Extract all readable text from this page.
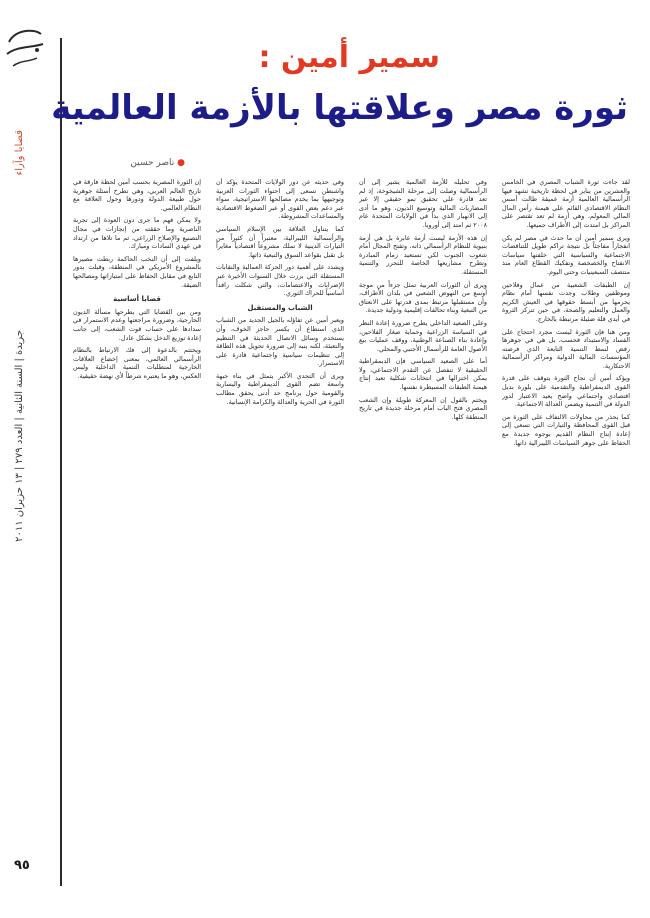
قضايا وآراء
جريدة | السنة الثانية | العدد ٢٧٩ | ١٣ حزيران ٢٠١١
٩٥
سمير أمين :
ثورة مصر وعلاقتها بالأزمة العالمية
● ناصر حسين

لقد جاءت ثورة الشباب المصري في الخامس والعشرين من يناير في لحظة تاريخية تشهد فيها الرأسمالية العالمية أزمة عميقة طالت أسس النظام الاقتصادي القائم على هيمنة رأس المال المالي المعولم، وهي أزمة لم تعد تقتصر على المراكز بل امتدت إلى الأطراف جميعها.

ويرى سمير أمين أن ما حدث في مصر لم يكن انفجاراً مفاجئاً بل نتيجة تراكم طويل للتناقضات الاجتماعية والسياسية التي خلفتها سياسات الانفتاح والخصخصة وتفكيك القطاع العام منذ منتصف السبعينيات وحتى اليوم.

إن الطبقات الشعبية من عمال وفلاحين وموظفين وطلاب وجدت نفسها أمام نظام يحرمها من أبسط حقوقها في العيش الكريم والعمل والتعليم والصحة، في حين تتركز الثروة في أيدي قلة ضئيلة مرتبطة بالخارج.

ومن هنا فإن الثورة ليست مجرد احتجاج على الفساد والاستبداد فحسب، بل هي في جوهرها رفض لنمط التنمية التابعة الذي فرضته المؤسسات المالية الدولية ومراكز الرأسمالية الاحتكارية.

ويؤكد أمين أن نجاح الثورة يتوقف على قدرة القوى الديمقراطية والتقدمية على بلورة بديل اقتصادي واجتماعي واضح يعيد الاعتبار لدور الدولة في التنمية ويضمن العدالة الاجتماعية.

كما يحذر من محاولات الالتفاف على الثورة من قبل القوى المحافظة والتيارات التي تسعى إلى إعادة إنتاج النظام القديم بوجوه جديدة مع الحفاظ على جوهر السياسات الليبرالية ذاتها.

وفي تحليله للأزمة العالمية يشير إلى أن الرأسمالية وصلت إلى مرحلة الشيخوخة، إذ لم تعد قادرة على تحقيق نمو حقيقي إلا عبر المضاربات المالية وتوسيع الديون، وهو ما أدى إلى الانهيار الذي بدأ في الولايات المتحدة عام ٢٠٠٨ ثم امتد إلى أوروبا.

إن هذه الأزمة ليست أزمة عابرة بل هي أزمة بنيوية للنظام الرأسمالي ذاته، وتفتح المجال أمام شعوب الجنوب لكي تستعيد زمام المبادرة وتطرح مشاريعها الخاصة للتحرر والتنمية المستقلة.

ويرى أن الثورات العربية تمثل جزءاً من موجة أوسع من النهوض الشعبي في بلدان الأطراف، وأن مستقبلها مرتبط بمدى قدرتها على الانعتاق من التبعية وبناء تحالفات إقليمية ودولية جديدة.

وعلى الصعيد الداخلي يطرح ضرورة إعادة النظر في السياسة الزراعية وحماية صغار الفلاحين، وإعادة بناء الصناعة الوطنية، ووقف عمليات بيع الأصول العامة للرأسمال الأجنبي والمحلي.

أما على الصعيد السياسي فإن الديمقراطية الحقيقية لا تنفصل عن التقدم الاجتماعي، ولا يمكن اختزالها في انتخابات شكلية تعيد إنتاج هيمنة الطبقات المسيطرة نفسها.

ويختم بالقول إن المعركة طويلة وإن الشعب المصري فتح الباب أمام مرحلة جديدة في تاريخ المنطقة كلها.

وفي حديثه عن دور الولايات المتحدة يؤكد أن واشنطن تسعى إلى احتواء الثورات العربية وتوجيهها بما يخدم مصالحها الاستراتيجية، سواء عبر دعم بعض القوى أو عبر الضغوط الاقتصادية والمساعدات المشروطة.

كما يتناول العلاقة بين الإسلام السياسي والرأسمالية الليبرالية، معتبراً أن كثيراً من التيارات الدينية لا تملك مشروعاً اقتصادياً مغايراً بل تقبل بقواعد السوق والتبعية ذاتها.

ويشدد على أهمية دور الحركة العمالية والنقابات المستقلة التي برزت خلال السنوات الأخيرة عبر الإضرابات والاعتصامات، والتي شكلت رافداً أساسياً للحراك الثوري.

الشباب والمستقبل

ويعبر أمين عن تفاؤله بالجيل الجديد من الشباب الذي استطاع أن يكسر حاجز الخوف، وأن يستخدم وسائل الاتصال الحديثة في التنظيم والتعبئة، لكنه ينبه إلى ضرورة تحويل هذه الطاقة إلى تنظيمات سياسية واجتماعية قادرة على الاستمرار.

ويرى أن التحدي الأكبر يتمثل في بناء جبهة واسعة تضم القوى الديمقراطية واليسارية والقومية حول برنامج حد أدنى يحقق مطالب الثورة في الحرية والعدالة والكرامة الإنسانية.

إن الثورة المصرية بحسب أمين لحظة فارقة في تاريخ العالم العربي، وهي تطرح أسئلة جوهرية حول طبيعة الدولة ودورها وحول العلاقة مع النظام العالمي.

ولا يمكن فهم ما جرى دون العودة إلى تجربة الناصرية وما حققته من إنجازات في مجال التصنيع والإصلاح الزراعي، ثم ما تلاها من ارتداد في عهدي السادات ومبارك.

ويلفت إلى أن النخب الحاكمة ربطت مصيرها بالمشروع الأمريكي في المنطقة، وقبلت بدور التابع في مقابل الحفاظ على امتيازاتها ومصالحها الضيقة.

قضايا أساسية

ومن بين القضايا التي يطرحها مسألة الديون الخارجية، وضرورة مراجعتها وعدم الاستمرار في سدادها على حساب قوت الشعب، إلى جانب إعادة توزيع الدخل بشكل عادل.

ويختتم بالدعوة إلى فك الارتباط بالنظام الرأسمالي العالمي، بمعنى إخضاع العلاقات الخارجية لمتطلبات التنمية الداخلية وليس العكس، وهو ما يعتبره شرطاً لأي نهضة حقيقية.
